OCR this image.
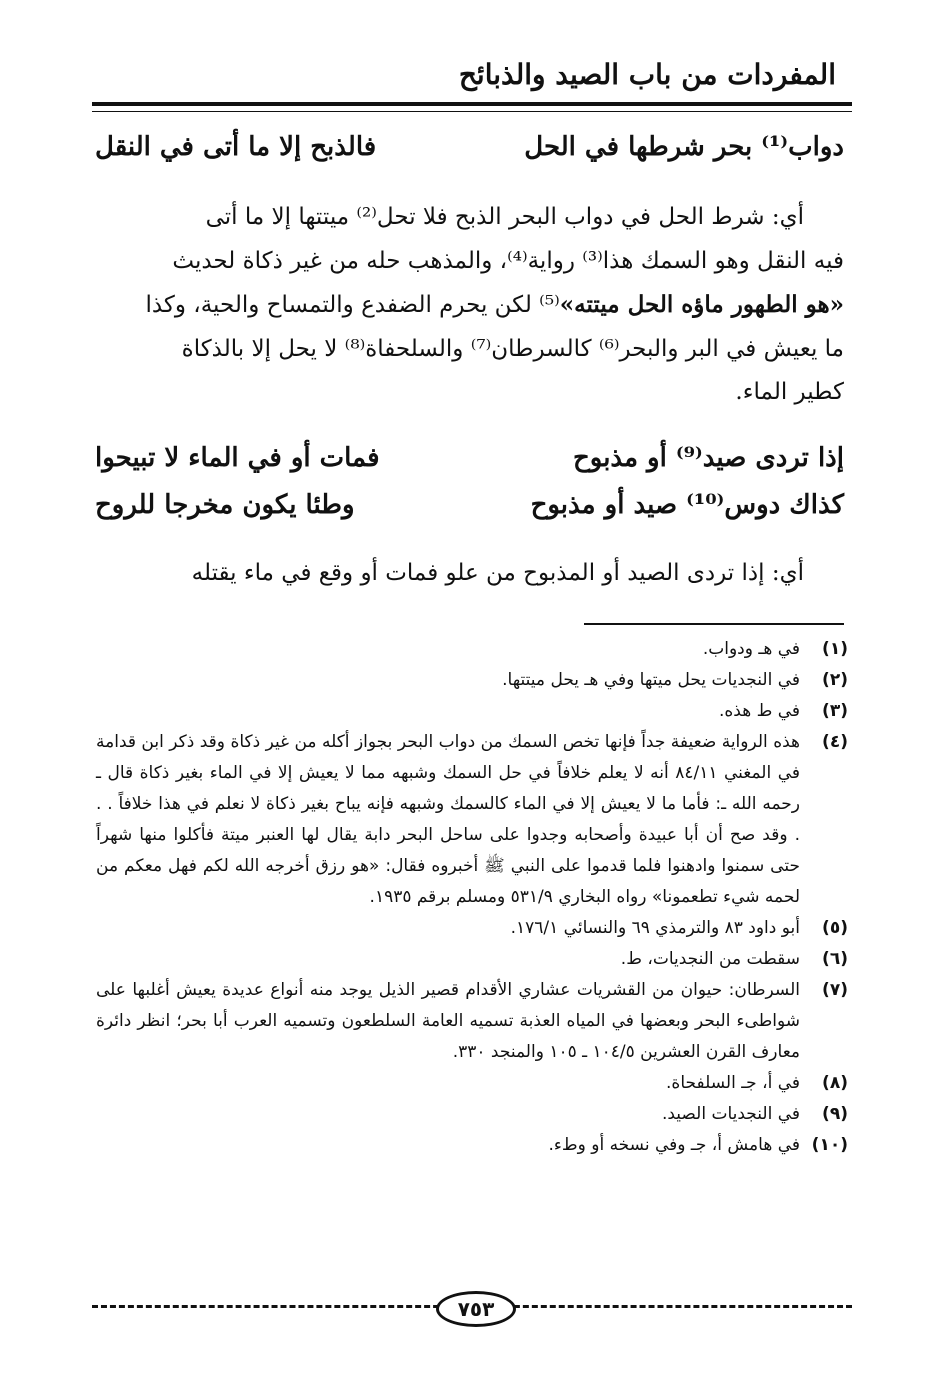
المفردات من باب الصيد والذبائح
دواب⁽¹⁾ بحر شرطها في الحل
فالذبح إلا ما أتى في النقل

أي: شرط الحل في دواب البحر الذبح فلا تحل⁽²⁾ ميتتها إلا ما أتى

فيه النقل وهو السمك هذا⁽³⁾ رواية⁽⁴⁾، والمذهب حله من غير ذكاة لحديث

«هو الطهور ماؤه الحل ميتته»⁽⁵⁾ لكن يحرم الضفدع والتمساح والحية، وكذا

ما يعيش في البر والبحر⁽⁶⁾ كالسرطان⁽⁷⁾ والسلحفاة⁽⁸⁾ لا يحل إلا بالذكاة

كطير الماء.

إذا تردى صيد⁽⁹⁾ أو مذبوح
فمات أو في الماء لا تبيحوا
كذاك دوس⁽¹⁰⁾ صيد أو مذبوح
وطئا يكون مخرجا للروح

أي: إذا تردى الصيد أو المذبوح من علو فمات أو وقع في ماء يقتله

(١)
في هـ ودواب.
(٢)
في النجديات يحل ميتها وفي هـ يحل ميتتها.
(٣)
في ط هذه.
(٤)
هذه الرواية ضعيفة جداً فإنها تخص السمك من دواب البحر بجواز أكله من غير ذكاة وقد ذكر ابن قدامة في المغني ٨٤/١١ أنه لا يعلم خلافاً في حل السمك وشبهه مما لا يعيش إلا في الماء بغير ذكاة قال ـ رحمه الله ـ: فأما ما لا يعيش إلا في الماء كالسمك وشبهه فإنه يباح بغير ذكاة لا نعلم في هذا خلافاً . . . وقد صح أن أبا عبيدة وأصحابه وجدوا على ساحل البحر دابة يقال لها العنبر ميتة فأكلوا منها شهراً حتى سمنوا وادهنوا فلما قدموا على النبي ﷺ أخبروه فقال: «هو رزق أخرجه الله لكم فهل معكم من لحمه شيء تطعمونا» رواه البخاري ٥٣١/٩ ومسلم برقم ١٩٣٥.
(٥)
أبو داود ٨٣ والترمذي ٦٩ والنسائي ١٧٦/١.
(٦)
سقطت من النجديات، ط.
(٧)
السرطان: حيوان من القشريات عشاري الأقدام قصير الذيل يوجد منه أنواع عديدة يعيش أغلبها على شواطىء البحر وبعضها في المياه العذبة تسميه العامة السلطعون وتسميه العرب أبا بحر؛ انظر دائرة معارف القرن العشرين ١٠٤/٥ ـ ١٠٥ والمنجد ٣٣٠.
(٨)
في أ، جـ السلفحاة.
(٩)
في النجديات الصيد.
(١٠)
في هامش أ، جـ وفي نسخه أو وطء.
٧٥٣
